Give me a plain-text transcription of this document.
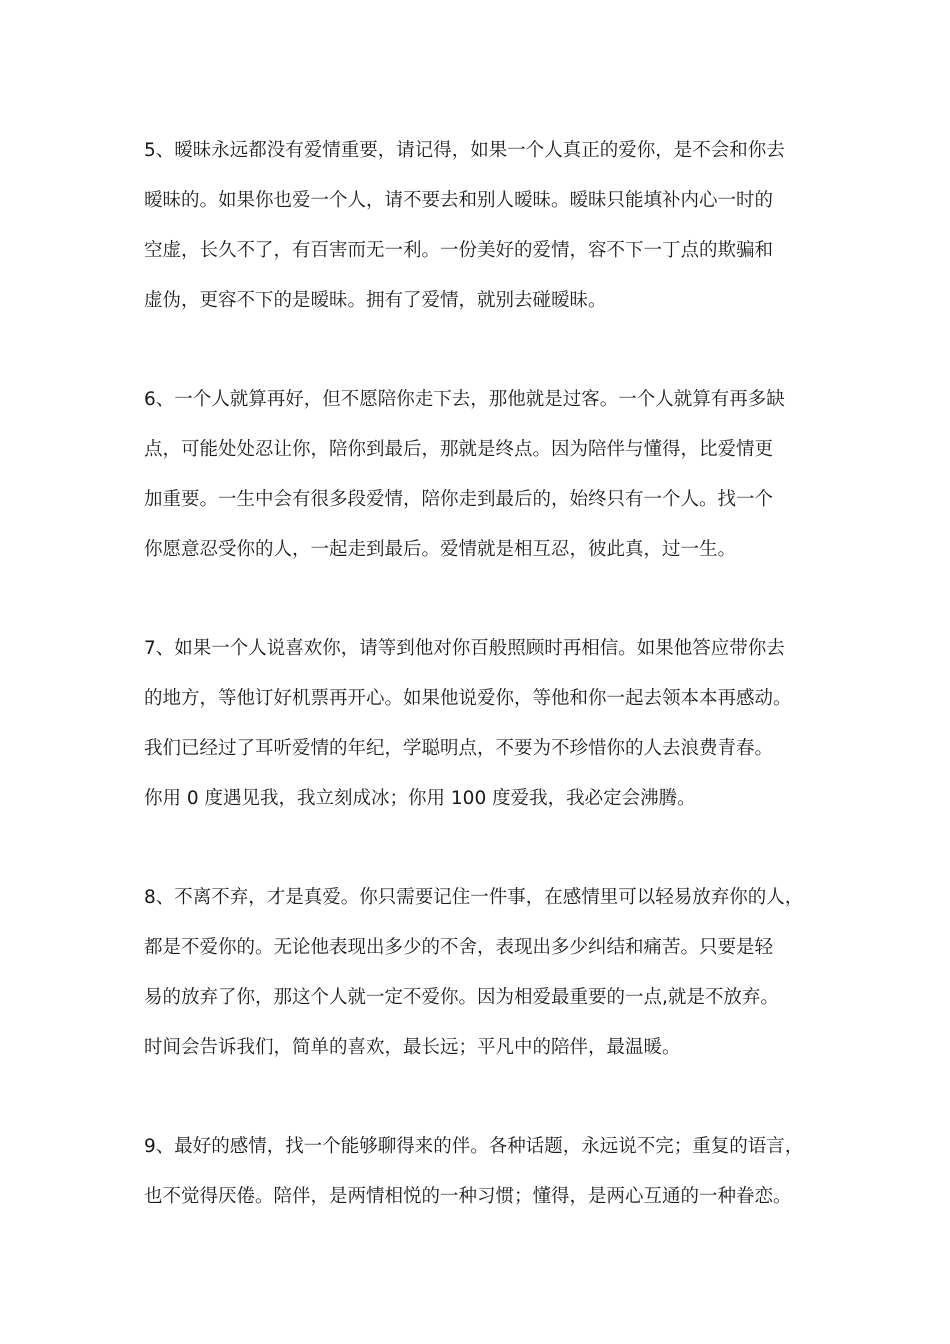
5、暧昧永远都没有爱情重要，请记得，如果一个人真正的爱你，是不会和你去
暧昧的。如果你也爱一个人，请不要去和别人暧昧。暧昧只能填补内心一时的
空虚，长久不了，有百害而无一利。一份美好的爱情，容不下一丁点的欺骗和
虚伪，更容不下的是暧昧。拥有了爱情，就别去碰暧昧。
6、一个人就算再好，但不愿陪你走下去，那他就是过客。一个人就算有再多缺
点，可能处处忍让你，陪你到最后，那就是终点。因为陪伴与懂得，比爱情更
加重要。一生中会有很多段爱情，陪你走到最后的，始终只有一个人。找一个
你愿意忍受你的人，一起走到最后。爱情就是相互忍，彼此真，过一生。
7、如果一个人说喜欢你，请等到他对你百般照顾时再相信。如果他答应带你去
的地方，等他订好机票再开心。如果他说爱你，等他和你一起去领本本再感动。
我们已经过了耳听爱情的年纪，学聪明点，不要为不珍惜你的人去浪费青春。
你用 0 度遇见我，我立刻成冰；你用 100 度爱我，我必定会沸腾。
8、不离不弃，才是真爱。你只需要记住一件事，在感情里可以轻易放弃你的人，
都是不爱你的。无论他表现出多少的不舍，表现出多少纠结和痛苦。只要是轻
易的放弃了你，那这个人就一定不爱你。因为相爱最重要的一点,就是不放弃。
时间会告诉我们，简单的喜欢，最长远；平凡中的陪伴，最温暖。
9、最好的感情，找一个能够聊得来的伴。各种话题，永远说不完；重复的语言，
也不觉得厌倦。陪伴，是两情相悦的一种习惯；懂得，是两心互通的一种眷恋。
